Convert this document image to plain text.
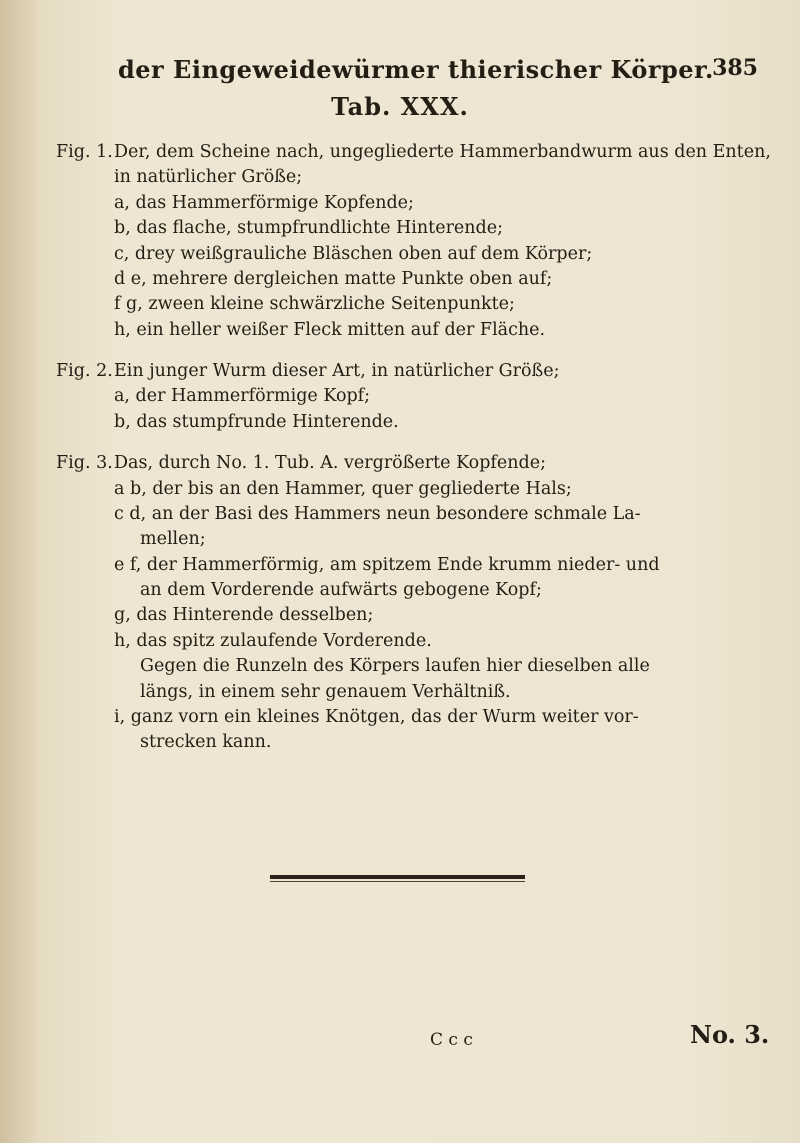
der Eingeweidewürmer thierischer Körper.
385
Tab. XXX.
Fig. 1. Der, dem Scheine nach, ungegliederte Hammerbandwurm aus den Enten, in natürlicher Größe;
a, das Hammerförmige Kopfende;
b, das flache, stumpfrundlichte Hinterende;
c, drey weißgrauliche Bläschen oben auf dem Körper;
d e, mehrere dergleichen matte Punkte oben auf;
f g, zween kleine schwärzliche Seitenpunkte;
h, ein heller weißer Fleck mitten auf der Fläche.
Fig. 2. Ein junger Wurm dieser Art, in natürlicher Größe;
a, der Hammerförmige Kopf;
b, das stumpfrunde Hinterende.
Fig. 3. Das, durch No. 1. Tub. A. vergrößerte Kopfende;
a b, der bis an den Hammer, quer gegliederte Hals;
c d, an der Basi des Hammers neun besondere schmale La-
mellen;
e f, der Hammerförmig, am spitzem Ende krumm nieder- und
an dem Vorderende aufwärts gebogene Kopf;
g, das Hinterende desselben;
h, das spitz zulaufende Vorderende.
Gegen die Runzeln des Körpers laufen hier dieselben alle
längs, in einem sehr genauem Verhältniß.
i, ganz vorn ein kleines Knötgen, das der Wurm weiter vor-
strecken kann.
C c c	No. 3.
